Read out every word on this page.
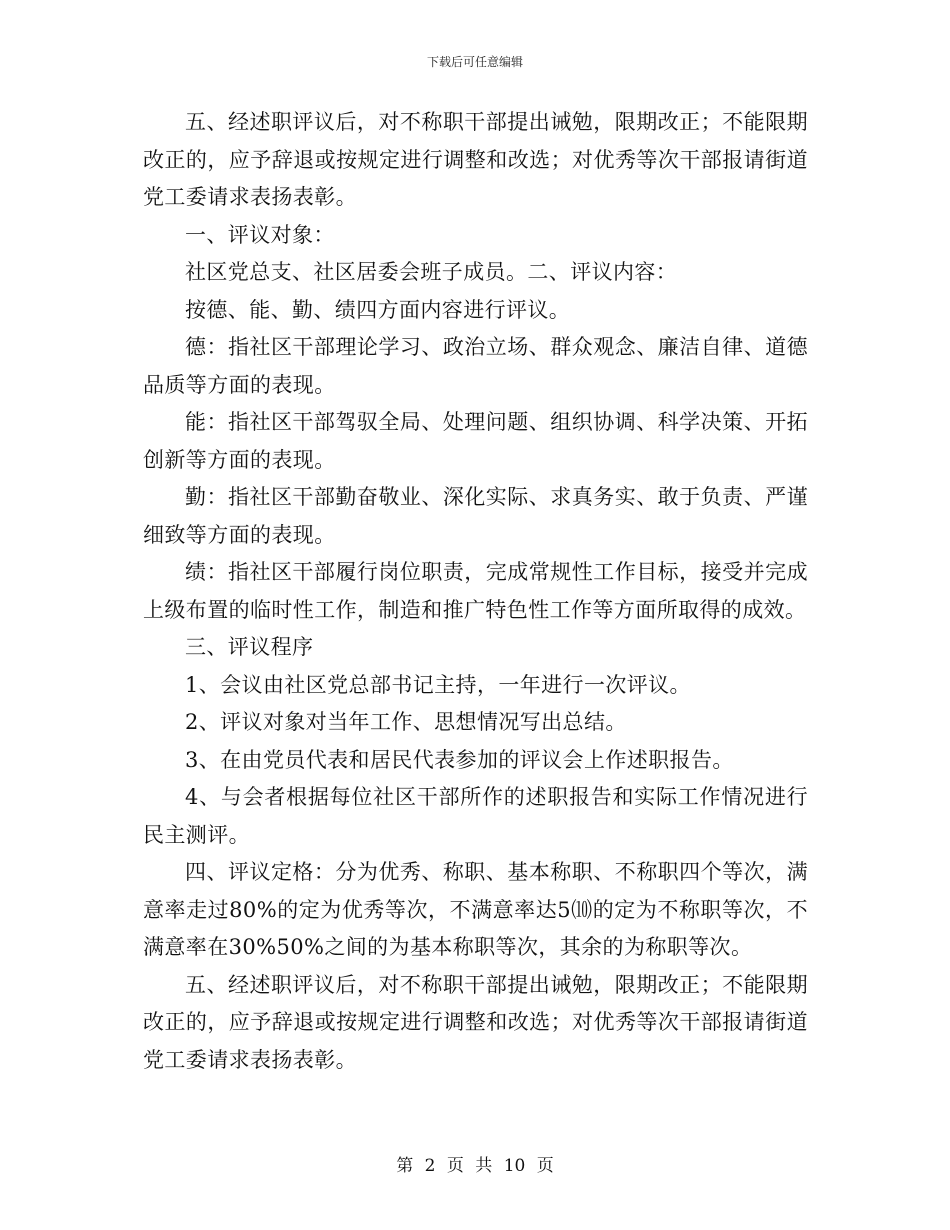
下载后可任意编辑

五、经述职评议后，对不称职干部提出诫勉，限期改正；不能限期改正的，应予辞退或按规定进行调整和改选；对优秀等次干部报请街道党工委请求表扬表彰。

一、评议对象：

社区党总支、社区居委会班子成员。二、评议内容：

按德、能、勤、绩四方面内容进行评议。

德：指社区干部理论学习、政治立场、群众观念、廉洁自律、道德品质等方面的表现。

能：指社区干部驾驭全局、处理问题、组织协调、科学决策、开拓创新等方面的表现。

勤：指社区干部勤奋敬业、深化实际、求真务实、敢于负责、严谨细致等方面的表现。

绩：指社区干部履行岗位职责，完成常规性工作目标，接受并完成上级布置的临时性工作，制造和推广特色性工作等方面所取得的成效。

三、评议程序

1、会议由社区党总部书记主持，一年进行一次评议。

2、评议对象对当年工作、思想情况写出总结。

3、在由党员代表和居民代表参加的评议会上作述职报告。

4、与会者根据每位社区干部所作的述职报告和实际工作情况进行民主测评。

四、评议定格：分为优秀、称职、基本称职、不称职四个等次，满意率走过80%的定为优秀等次，不满意率达5⑽的定为不称职等次，不满意率在30%50%之间的为基本称职等次，其余的为称职等次。

五、经述职评议后，对不称职干部提出诫勉，限期改正；不能限期改正的，应予辞退或按规定进行调整和改选；对优秀等次干部报请街道党工委请求表扬表彰。

第 2 页 共 10 页
